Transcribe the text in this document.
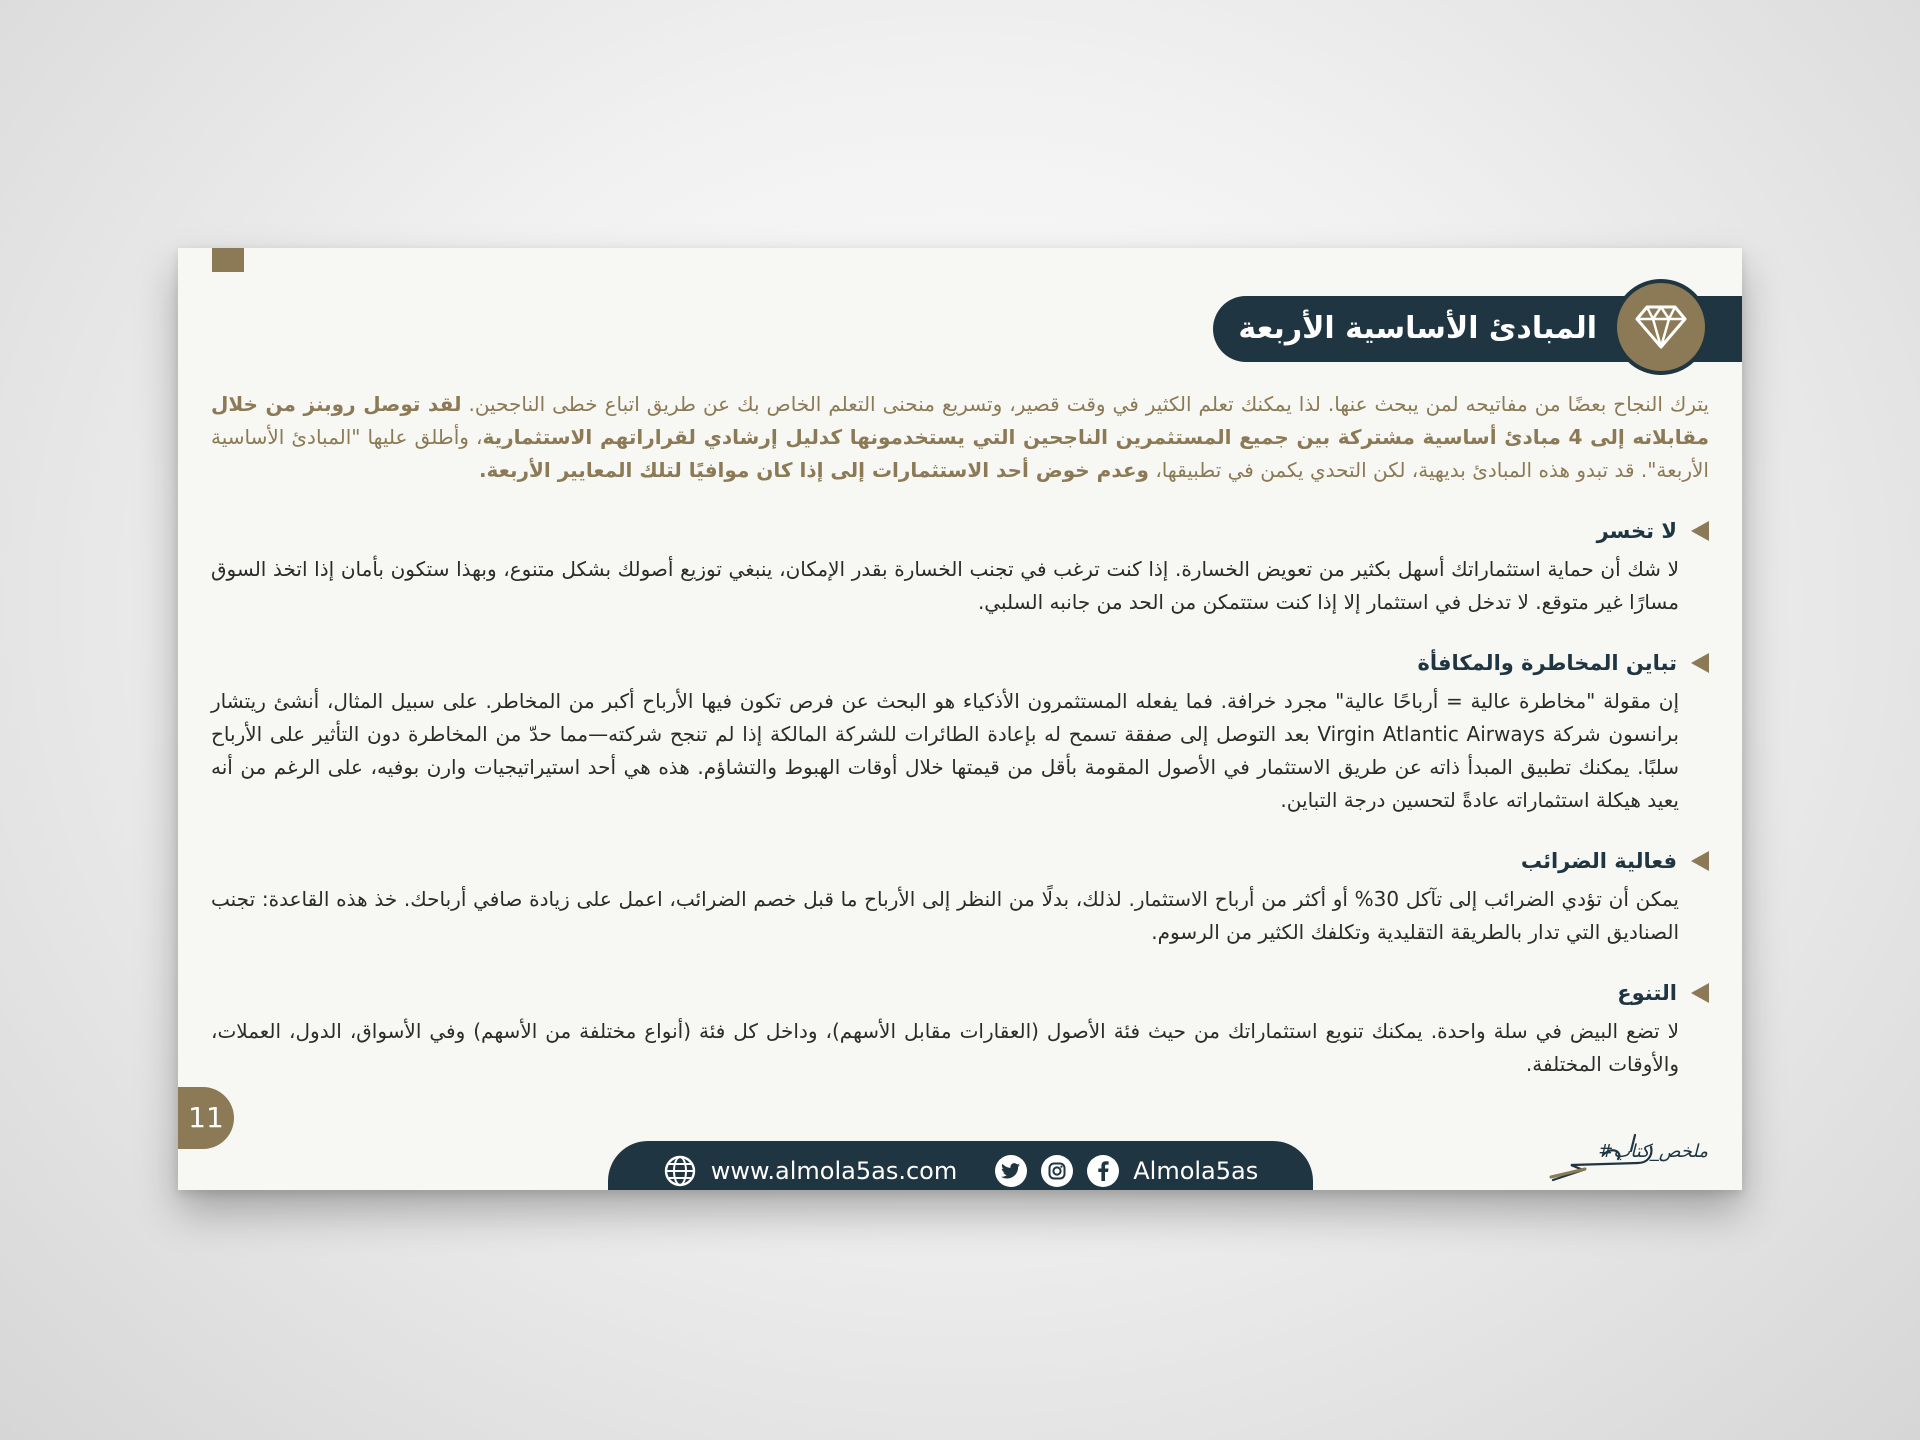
المبادئ الأساسية الأربعة

يترك النجاح بعضًا من مفاتيحه لمن يبحث عنها. لذا يمكنك تعلم الكثير في وقت قصير، وتسريع منحنى التعلم الخاص بك عن طريق اتباع خطى الناجحين. لقد توصل روبنز من خلال مقابلاته إلى 4 مبادئ أساسية مشتركة بين جميع المستثمرين الناجحين التي يستخدمونها كدليل إرشادي لقراراتهم الاستثمارية، وأطلق عليها "المبادئ الأساسية الأربعة". قد تبدو هذه المبادئ بديهية، لكن التحدي يكمن في تطبيقها، وعدم خوض أحد الاستثمارات إلى إذا كان موافيًا لتلك المعايير الأربعة.

لا تخسر
لا شك أن حماية استثماراتك أسهل بكثير من تعويض الخسارة. إذا كنت ترغب في تجنب الخسارة بقدر الإمكان، ينبغي توزيع أصولك بشكل متنوع، وبهذا ستكون بأمان إذا اتخذ السوق مسارًا غير متوقع. لا تدخل في استثمار إلا إذا كنت ستتمكن من الحد من جانبه السلبي.
تباين المخاطرة والمكافأة
إن مقولة "مخاطرة عالية = أرباحًا عالية" مجرد خرافة. فما يفعله المستثمرون الأذكياء هو البحث عن فرص تكون فيها الأرباح أكبر من المخاطر. على سبيل المثال، أنشئ ريتشار برانسون شركة Virgin Atlantic Airways بعد التوصل إلى صفقة تسمح له بإعادة الطائرات للشركة المالكة إذا لم تنجح شركته—مما حدّ من المخاطرة دون التأثير على الأرباح سلبًا. يمكنك تطبيق المبدأ ذاته عن طريق الاستثمار في الأصول المقومة بأقل من قيمتها خلال أوقات الهبوط والتشاؤم. هذه هي أحد استيراتيجيات وارن بوفيه، على الرغم من أنه يعيد هيكلة استثماراته عادةً لتحسين درجة التباين.
فعالية الضرائب
يمكن أن تؤدي الضرائب إلى تآكل 30% أو أكثر من أرباح الاستثمار. لذلك، بدلًا من النظر إلى الأرباح ما قبل خصم الضرائب، اعمل على زيادة صافي أرباحك. خذ هذه القاعدة: تجنب الصناديق التي تدار بالطريقة التقليدية وتكلفك الكثير من الرسوم.
التنوع
لا تضع البيض في سلة واحدة. يمكنك تنويع استثماراتك من حيث فئة الأصول (العقارات مقابل الأسهم)، وداخل كل فئة (أنواع مختلفة من الأسهم) وفي الأسواق، الدول، العملات، والأوقات المختلفة.
11
www.almola5as.com	Almola5as
#ملخص_كتاب
